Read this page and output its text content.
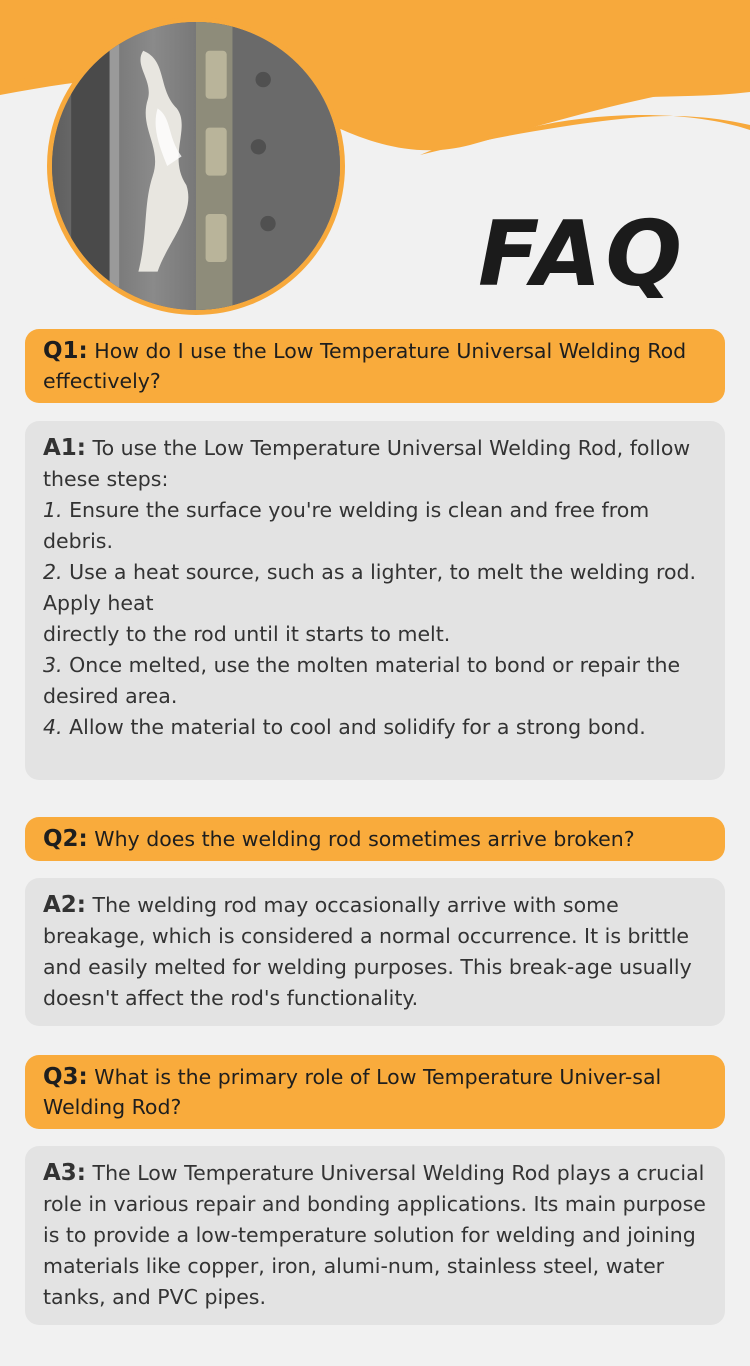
FAQ
Q1: How do I use the Low Temperature Universal Welding Rod effectively?
A1: To use the Low Temperature Universal Welding Rod, follow these steps:
1. Ensure the surface you're welding is clean and free from debris.
2. Use a heat source, such as a lighter, to melt the welding rod. Apply heat
directly to the rod until it starts to melt.
3. Once melted, use the molten material to bond or repair the desired area.
4. Allow the material to cool and solidify for a strong bond.
Q2: Why does the welding rod sometimes arrive broken?
A2: The welding rod may occasionally arrive with some breakage, which is considered a normal occurrence. It is brittle and easily melted for welding purposes. This break-age usually doesn't affect the rod's functionality.
Q3: What is the primary role of Low Temperature Univer-sal Welding Rod?
A3: The Low Temperature Universal Welding Rod plays a crucial role in various repair and bonding applications. Its main purpose is to provide a low-temperature solution for welding and joining materials like copper, iron, alumi-num, stainless steel, water tanks, and PVC pipes.
